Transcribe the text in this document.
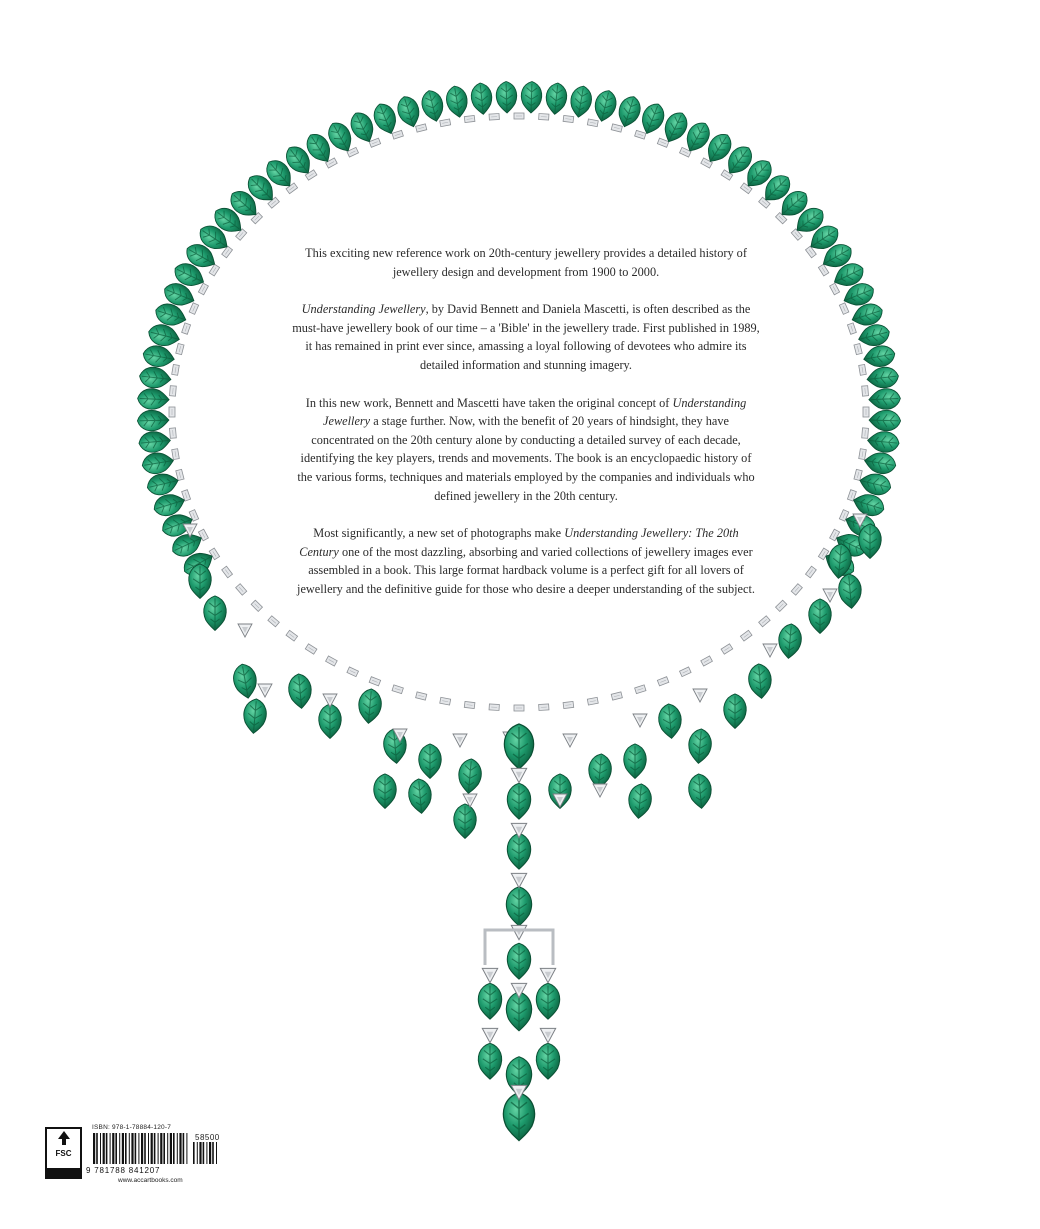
This exciting new reference work on 20th-century jewellery provides a detailed history of jewellery design and development from 1900 to 2000.

Understanding Jewellery, by David Bennett and Daniela Mascetti, is often described as the must-have jewellery book of our time – a 'Bible' in the jewellery trade. First published in 1989, it has remained in print ever since, amassing a loyal following of devotees who admire its detailed information and stunning imagery.

In this new work, Bennett and Mascetti have taken the original concept of Understanding Jewellery a stage further. Now, with the benefit of 20 years of hindsight, they have concentrated on the 20th century alone by conducting a detailed survey of each decade, identifying the key players, trends and movements. The book is an encyclopaedic history of the various forms, techniques and materials employed by the companies and individuals who defined jewellery in the 20th century.

Most significantly, a new set of photographs make Understanding Jewellery: The 20th Century one of the most dazzling, absorbing and varied collections of jewellery images ever assembled in a book. This large format hardback volume is a perfect gift for all lovers of jewellery and the definitive guide for those who desire a deeper understanding of the subject.

FSC
ISBN: 978-1-78884-120-7
58500
9 781788 841207
www.accartbooks.com
